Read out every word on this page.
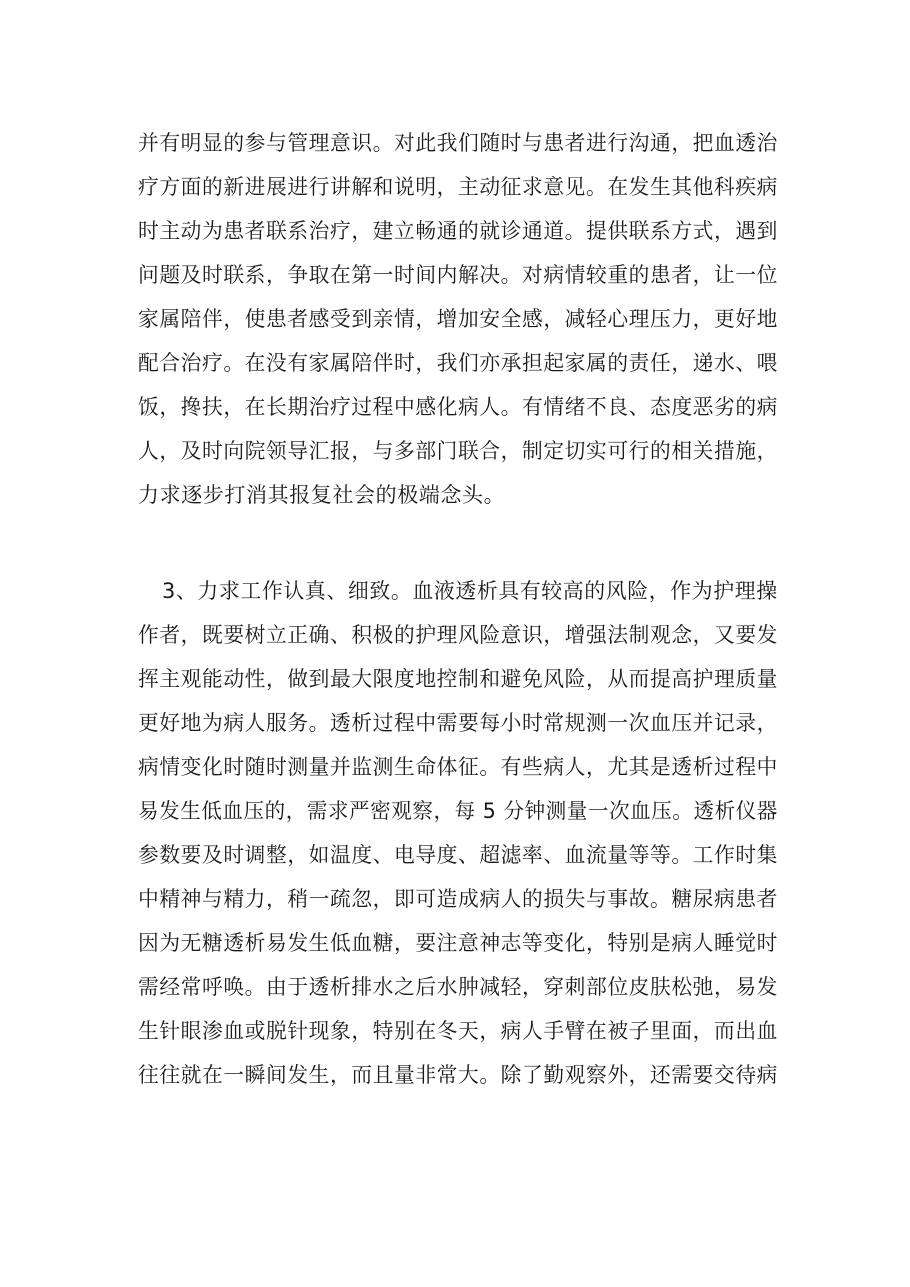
并有明显的参与管理意识。对此我们随时与患者进行沟通，把血透治
疗方面的新进展进行讲解和说明，主动征求意见。在发生其他科疾病
时主动为患者联系治疗，建立畅通的就诊通道。提供联系方式，遇到
问题及时联系，争取在第一时间内解决。对病情较重的患者，让一位
家属陪伴，使患者感受到亲情，增加安全感，减轻心理压力，更好地
配合治疗。在没有家属陪伴时，我们亦承担起家属的责任，递水、喂
饭，搀扶，在长期治疗过程中感化病人。有情绪不良、态度恶劣的病
人，及时向院领导汇报，与多部门联合，制定切实可行的相关措施，
力求逐步打消其报复社会的极端念头。
3、力求工作认真、细致。血液透析具有较高的风险，作为护理操
作者，既要树立正确、积极的护理风险意识，增强法制观念，又要发
挥主观能动性，做到最大限度地控制和避免风险，从而提高护理质量
更好地为病人服务。透析过程中需要每小时常规测一次血压并记录，
病情变化时随时测量并监测生命体征。有些病人，尤其是透析过程中
易发生低血压的，需求严密观察，每 5 分钟测量一次血压。透析仪器
参数要及时调整，如温度、电导度、超滤率、血流量等等。工作时集
中精神与精力，稍一疏忽，即可造成病人的损失与事故。糖尿病患者
因为无糖透析易发生低血糖，要注意神志等变化，特别是病人睡觉时
需经常呼唤。由于透析排水之后水肿减轻，穿刺部位皮肤松弛，易发
生针眼渗血或脱针现象，特别在冬天，病人手臂在被子里面，而出血
往往就在一瞬间发生，而且量非常大。除了勤观察外，还需要交待病
